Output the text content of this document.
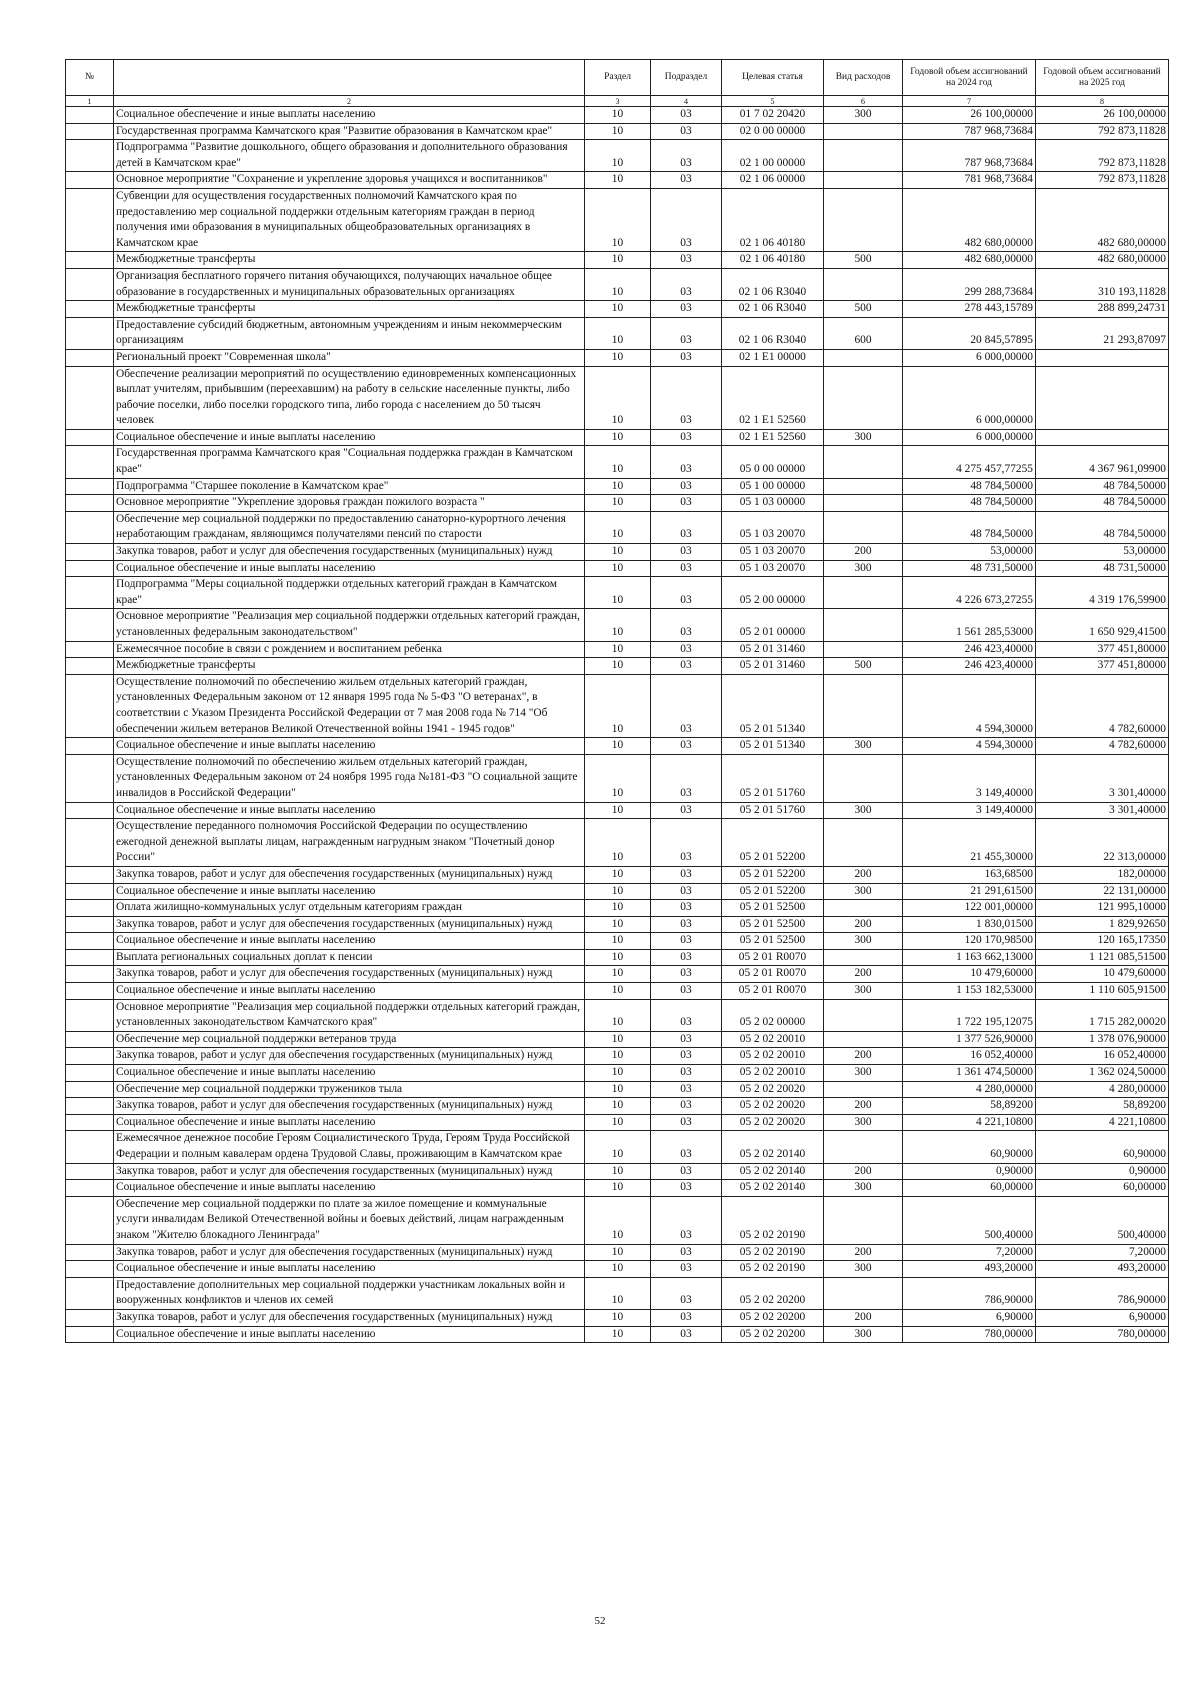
№		Раздел	Подраздел	Целевая статья	Вид расходов	Годовой объем ассигнований на 2024 год	Годовой объем ассигнований на 2025 год
1	2	3	4	5	6	7	8
	Социальное обеспечение и иные выплаты населению	10	03	01 7 02 20420	300	26 100,00000	26 100,00000
	Государственная программа Камчатского края "Развитие образования в Камчатском крае"	10	03	02 0 00 00000		787 968,73684	792 873,11828
	Подпрограмма "Развитие дошкольного, общего образования и дополнительного образования детей в Камчатском крае"	10	03	02 1 00 00000		787 968,73684	792 873,11828
	Основное мероприятие "Сохранение и укрепление здоровья учащихся и воспитанников"	10	03	02 1 06 00000		781 968,73684	792 873,11828
	Субвенции для осуществления государственных полномочий Камчатского края по предоставлению мер социальной поддержки отдельным категориям граждан в период получения ими образования в муниципальных общеобразовательных организациях в Камчатском крае	10	03	02 1 06 40180		482 680,00000	482 680,00000
	Межбюджетные трансферты	10	03	02 1 06 40180	500	482 680,00000	482 680,00000
	Организация бесплатного горячего питания обучающихся, получающих начальное общее образование в государственных и муниципальных образовательных организациях	10	03	02 1 06 R3040		299 288,73684	310 193,11828
	Межбюджетные трансферты	10	03	02 1 06 R3040	500	278 443,15789	288 899,24731
	Предоставление субсидий бюджетным, автономным учреждениям и иным некоммерческим организациям	10	03	02 1 06 R3040	600	20 845,57895	21 293,87097
	Региональный проект "Современная школа"	10	03	02 1 E1 00000		6 000,00000	
	Обеспечение реализации мероприятий по осуществлению единовременных компенсационных выплат учителям, прибывшим (переехавшим) на работу в сельские населенные пункты, либо рабочие поселки, либо поселки городского типа, либо города с населением до 50 тысяч человек	10	03	02 1 E1 52560		6 000,00000	
	Социальное обеспечение и иные выплаты населению	10	03	02 1 E1 52560	300	6 000,00000	
	Государственная программа Камчатского края "Социальная поддержка граждан в Камчатском крае"	10	03	05 0 00 00000		4 275 457,77255	4 367 961,09900
	Подпрограмма "Старшее поколение в Камчатском крае"	10	03	05 1 00 00000		48 784,50000	48 784,50000
	Основное мероприятие "Укрепление здоровья граждан пожилого возраста "	10	03	05 1 03 00000		48 784,50000	48 784,50000
	Обеспечение мер социальной поддержки по предоставлению санаторно-курортного лечения неработающим гражданам, являющимся получателями пенсий по старости	10	03	05 1 03 20070		48 784,50000	48 784,50000
	Закупка товаров, работ и услуг для обеспечения государственных (муниципальных) нужд	10	03	05 1 03 20070	200	53,00000	53,00000
	Социальное обеспечение и иные выплаты населению	10	03	05 1 03 20070	300	48 731,50000	48 731,50000
	Подпрограмма "Меры социальной поддержки отдельных категорий граждан в Камчатском крае"	10	03	05 2 00 00000		4 226 673,27255	4 319 176,59900
	Основное мероприятие "Реализация мер социальной поддержки отдельных категорий граждан, установленных федеральным законодательством"	10	03	05 2 01 00000		1 561 285,53000	1 650 929,41500
	Ежемесячное пособие в связи с рождением и воспитанием ребенка	10	03	05 2 01 31460		246 423,40000	377 451,80000
	Межбюджетные трансферты	10	03	05 2 01 31460	500	246 423,40000	377 451,80000
	Осуществление полномочий по обеспечению жильем отдельных категорий граждан, установленных Федеральным законом от 12 января 1995 года № 5-ФЗ "О ветеранах", в соответствии с Указом Президента Российской Федерации от 7 мая 2008 года № 714 "Об обеспечении жильем ветеранов Великой Отечественной войны 1941 - 1945 годов"	10	03	05 2 01 51340		4 594,30000	4 782,60000
	Социальное обеспечение и иные выплаты населению	10	03	05 2 01 51340	300	4 594,30000	4 782,60000
	Осуществление полномочий по обеспечению жильем отдельных категорий граждан, установленных Федеральным законом от 24 ноября 1995 года №181-ФЗ "О социальной защите инвалидов в Российской Федерации"	10	03	05 2 01 51760		3 149,40000	3 301,40000
	Социальное обеспечение и иные выплаты населению	10	03	05 2 01 51760	300	3 149,40000	3 301,40000
	Осуществление переданного полномочия Российской Федерации по осуществлению ежегодной денежной выплаты лицам, награжденным нагрудным знаком "Почетный донор России"	10	03	05 2 01 52200		21 455,30000	22 313,00000
	Закупка товаров, работ и услуг для обеспечения государственных (муниципальных) нужд	10	03	05 2 01 52200	200	163,68500	182,00000
	Социальное обеспечение и иные выплаты населению	10	03	05 2 01 52200	300	21 291,61500	22 131,00000
	Оплата жилищно-коммунальных услуг отдельным категориям граждан	10	03	05 2 01 52500		122 001,00000	121 995,10000
	Закупка товаров, работ и услуг для обеспечения государственных (муниципальных) нужд	10	03	05 2 01 52500	200	1 830,01500	1 829,92650
	Социальное обеспечение и иные выплаты населению	10	03	05 2 01 52500	300	120 170,98500	120 165,17350
	Выплата региональных социальных доплат к пенсии	10	03	05 2 01 R0070		1 163 662,13000	1 121 085,51500
	Закупка товаров, работ и услуг для обеспечения государственных (муниципальных) нужд	10	03	05 2 01 R0070	200	10 479,60000	10 479,60000
	Социальное обеспечение и иные выплаты населению	10	03	05 2 01 R0070	300	1 153 182,53000	1 110 605,91500
	Основное мероприятие "Реализация мер социальной поддержки отдельных категорий граждан, установленных законодательством Камчатского края"	10	03	05 2 02 00000		1 722 195,12075	1 715 282,00020
	Обеспечение мер социальной поддержки ветеранов труда	10	03	05 2 02 20010		1 377 526,90000	1 378 076,90000
	Закупка товаров, работ и услуг для обеспечения государственных (муниципальных) нужд	10	03	05 2 02 20010	200	16 052,40000	16 052,40000
	Социальное обеспечение и иные выплаты населению	10	03	05 2 02 20010	300	1 361 474,50000	1 362 024,50000
	Обеспечение мер социальной поддержки тружеников тыла	10	03	05 2 02 20020		4 280,00000	4 280,00000
	Закупка товаров, работ и услуг для обеспечения государственных (муниципальных) нужд	10	03	05 2 02 20020	200	58,89200	58,89200
	Социальное обеспечение и иные выплаты населению	10	03	05 2 02 20020	300	4 221,10800	4 221,10800
	Ежемесячное денежное пособие Героям Социалистического Труда, Героям Труда Российской Федерации и полным кавалерам ордена Трудовой Славы, проживающим в Камчатском крае	10	03	05 2 02 20140		60,90000	60,90000
	Закупка товаров, работ и услуг для обеспечения государственных (муниципальных) нужд	10	03	05 2 02 20140	200	0,90000	0,90000
	Социальное обеспечение и иные выплаты населению	10	03	05 2 02 20140	300	60,00000	60,00000
	Обеспечение мер социальной поддержки по плате за жилое помещение и коммунальные услуги инвалидам Великой Отечественной войны и боевых действий, лицам награжденным знаком "Жителю блокадного Ленинграда"	10	03	05 2 02 20190		500,40000	500,40000
	Закупка товаров, работ и услуг для обеспечения государственных (муниципальных) нужд	10	03	05 2 02 20190	200	7,20000	7,20000
	Социальное обеспечение и иные выплаты населению	10	03	05 2 02 20190	300	493,20000	493,20000
	Предоставление дополнительных мер социальной поддержки участникам локальных войн и вооруженных конфликтов и членов их семей	10	03	05 2 02 20200		786,90000	786,90000
	Закупка товаров, работ и услуг для обеспечения государственных (муниципальных) нужд	10	03	05 2 02 20200	200	6,90000	6,90000
	Социальное обеспечение и иные выплаты населению	10	03	05 2 02 20200	300	780,00000	780,00000
52
